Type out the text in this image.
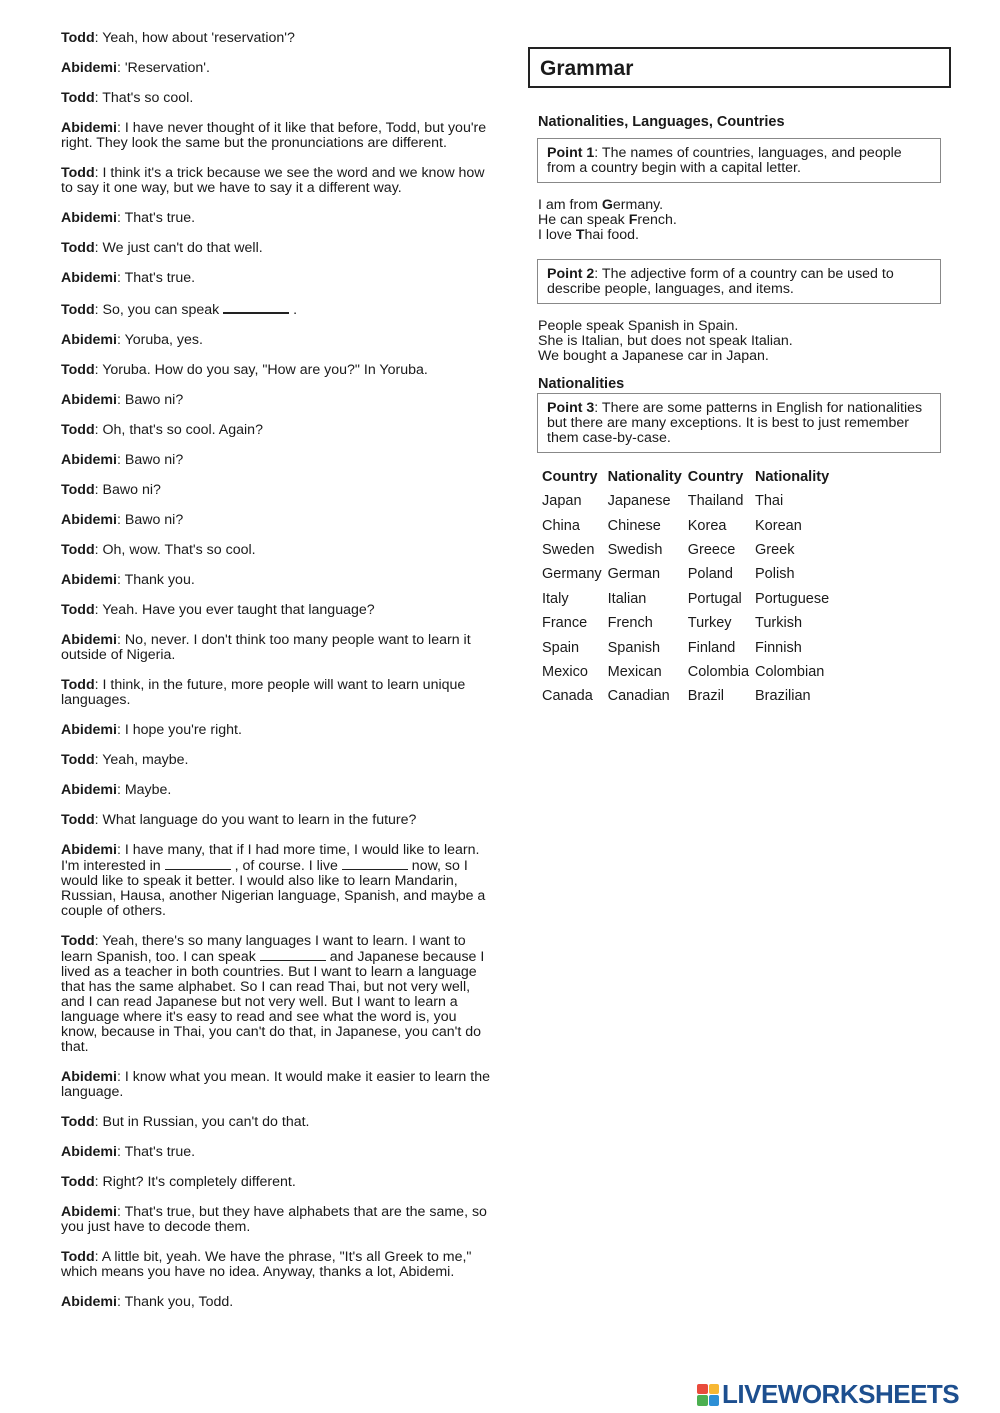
Todd: Yeah, how about 'reservation'?
Abidemi: 'Reservation'.
Todd: That's so cool.
Abidemi: I have never thought of it like that before, Todd, but you're right. They look the same but the pronunciations are different.
Todd: I think it's a trick because we see the word and we know how to say it one way, but we have to say it a different way.
Abidemi: That's true.
Todd: We just can't do that well.
Abidemi: That's true.
Todd: So, you can speak	.
Abidemi: Yoruba, yes.
Todd: Yoruba. How do you say, "How are you?" In Yoruba.
Abidemi: Bawo ni?
Todd: Oh, that's so cool. Again?
Abidemi: Bawo ni?
Todd: Bawo ni?
Abidemi: Bawo ni?
Todd: Oh, wow. That's so cool.
Abidemi: Thank you.
Todd: Yeah. Have you ever taught that language?
Abidemi: No, never. I don't think too many people want to learn it outside of Nigeria.
Todd: I think, in the future, more people will want to learn unique languages.
Abidemi: I hope you're right.
Todd: Yeah, maybe.
Abidemi: Maybe.
Todd: What language do you want to learn in the future?
Abidemi: I have many, that if I had more time, I would like to learn. I'm interested in	, of course. I live	now, so I would like to speak it better. I would also like to learn Mandarin, Russian, Hausa, another Nigerian language, Spanish, and maybe a couple of others.
Todd: Yeah, there's so many languages I want to learn. I want to learn Spanish, too. I can speak	and Japanese because I lived as a teacher in both countries. But I want to learn a language that has the same alphabet. So I can read Thai, but not very well, and I can read Japanese but not very well. But I want to learn a language where it's easy to read and see what the word is, you know, because in Thai, you can't do that, in Japanese, you can't do that.
Abidemi: I know what you mean. It would make it easier to learn the language.
Todd: But in Russian, you can't do that.
Abidemi: That's true.
Todd: Right? It's completely different.
Abidemi: That's true, but they have alphabets that are the same, so you just have to decode them.
Todd: A little bit, yeah. We have the phrase, "It's all Greek to me," which means you have no idea. Anyway, thanks a lot, Abidemi.
Abidemi: Thank you, Todd.
Grammar
Nationalities, Languages, Countries
Point 1: The names of countries, languages, and people from a country begin with a capital letter.
I am from Germany.
He can speak French.
I love Thai food.
Point 2: The adjective form of a country can be used to describe people, languages, and items.
People speak Spanish in Spain.
She is Italian, but does not speak Italian.
We bought a Japanese car in Japan.
Nationalities
Point 3: There are some patterns in English for nationalities but there are many exceptions. It is best to just remember them case-by-case.
Country	Nationality	Country	Nationality
Japan	Japanese	Thailand	Thai
China	Chinese	Korea	Korean
Sweden	Swedish	Greece	Greek
Germany	German	Poland	Polish
Italy	Italian	Portugal	Portuguese
France	French	Turkey	Turkish
Spain	Spanish	Finland	Finnish
Mexico	Mexican	Colombia	Colombian
Canada	Canadian	Brazil	Brazilian
LIVEWORKSHEETS
